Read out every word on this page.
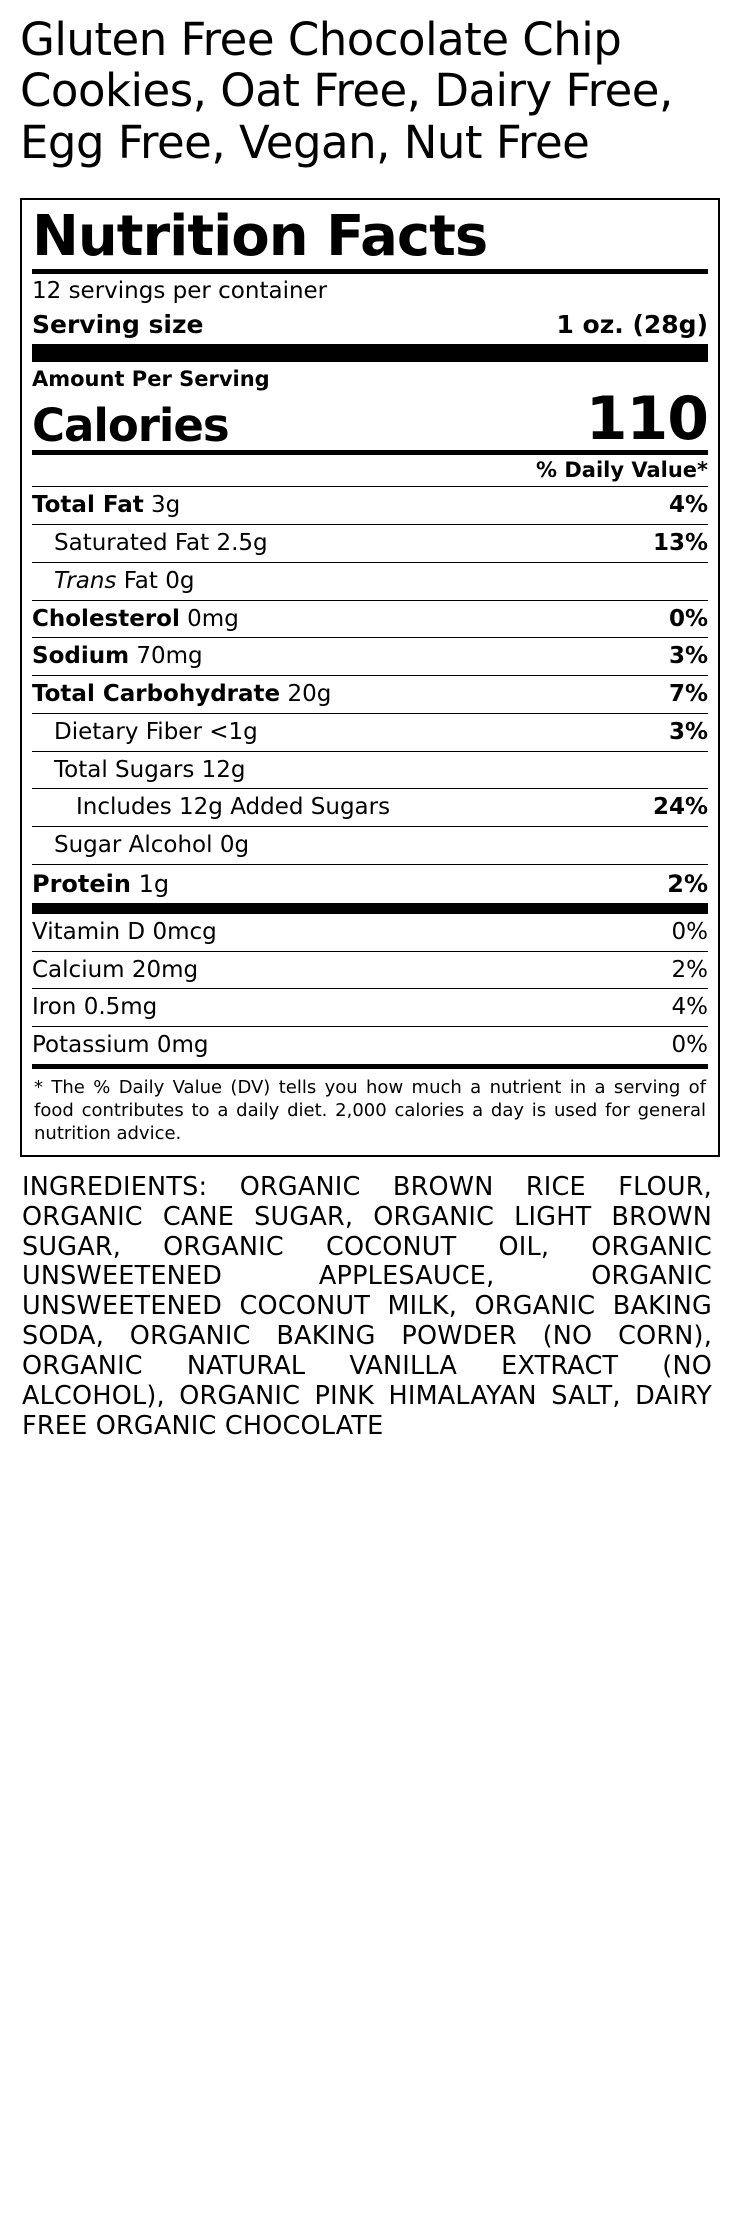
Gluten Free Chocolate Chip Cookies, Oat Free, Dairy Free, Egg Free, Vegan, Nut Free
Nutrition Facts
12 servings per container
Serving size	1 oz. (28g)
Amount Per Serving
Calories	110
% Daily Value*
Total Fat 3g	4%
Saturated Fat 2.5g	13%
Trans Fat 0g
Cholesterol 0mg	0%
Sodium 70mg	3%
Total Carbohydrate 20g	7%
Dietary Fiber <1g	3%
Total Sugars 12g
Includes 12g Added Sugars	24%
Sugar Alcohol 0g
Protein 1g	2%
Vitamin D 0mcg	0%
Calcium 20mg	2%
Iron 0.5mg	4%
Potassium 0mg	0%
* The % Daily Value (DV) tells you how much a nutrient in a serving of food contributes to a daily diet. 2,000 calories a day is used for general nutrition advice.
INGREDIENTS: ORGANIC BROWN RICE FLOUR, ORGANIC CANE SUGAR, ORGANIC LIGHT BROWN SUGAR, ORGANIC COCONUT OIL, ORGANIC UNSWEETENED APPLESAUCE, ORGANIC UNSWEETENED COCONUT MILK, ORGANIC BAKING SODA, ORGANIC BAKING POWDER (NO CORN), ORGANIC NATURAL VANILLA EXTRACT (NO ALCOHOL), ORGANIC PINK HIMALAYAN SALT, DAIRY FREE ORGANIC CHOCOLATE
